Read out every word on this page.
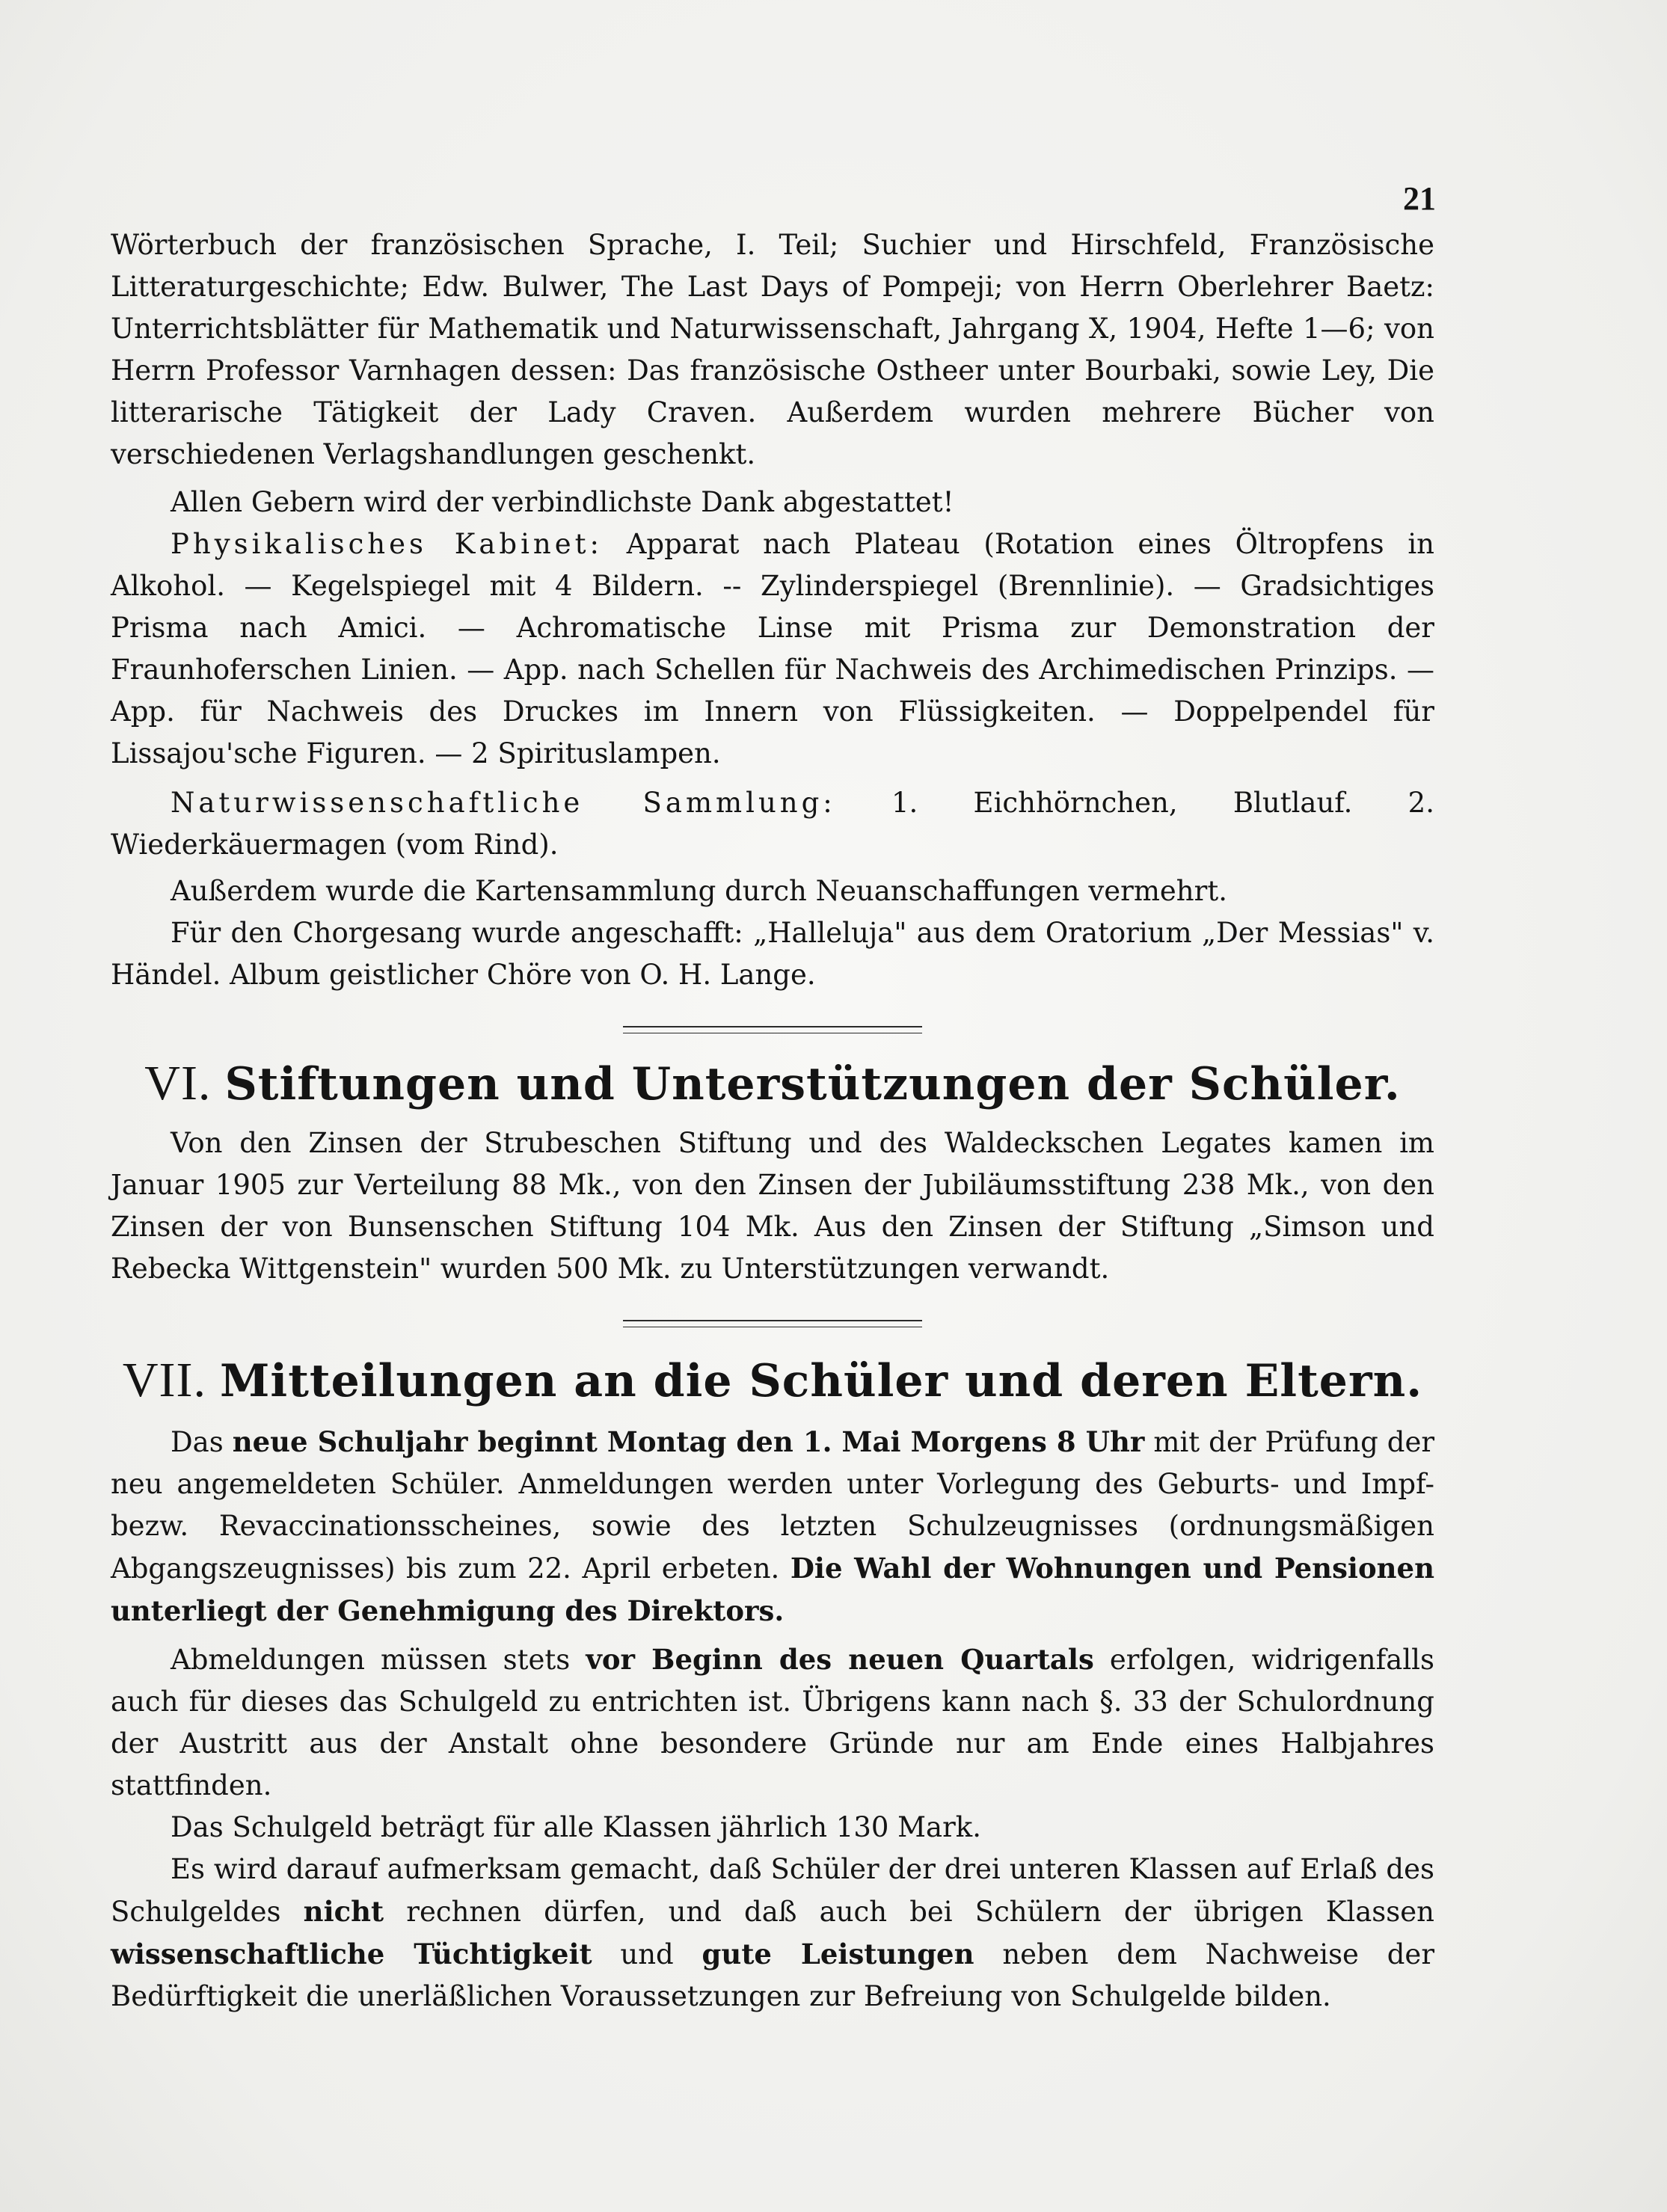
21

Wörterbuch der französischen Sprache, I. Teil; Suchier und Hirschfeld, Französische Litteraturgeschichte; Edw. Bulwer, The Last Days of Pompeji; von Herrn Oberlehrer Baetz: Unterrichtsblätter für Mathematik und Naturwissenschaft, Jahrgang X, 1904, Hefte 1—6; von Herrn Professor Varnhagen dessen: Das französische Ostheer unter Bourbaki, sowie Ley, Die litterarische Tätigkeit der Lady Craven. Außerdem wurden mehrere Bücher von verschiedenen Verlagshandlungen geschenkt.

Allen Gebern wird der verbindlichste Dank abgestattet!

Physikalisches Kabinet: Apparat nach Plateau (Rotation eines Öltropfens in Alkohol. — Kegelspiegel mit 4 Bildern. -- Zylinderspiegel (Brennlinie). — Gradsichtiges Prisma nach Amici. — Achromatische Linse mit Prisma zur Demonstration der Fraunhoferschen Linien. — App. nach Schellen für Nachweis des Archimedischen Prinzips. — App. für Nachweis des Druckes im Innern von Flüssigkeiten. — Doppelpendel für Lissajou'sche Figuren. — 2 Spirituslampen.

Naturwissenschaftliche Sammlung: 1. Eichhörnchen, Blutlauf. 2. Wiederkäuermagen (vom Rind).

Außerdem wurde die Kartensammlung durch Neuanschaffungen vermehrt.

Für den Chorgesang wurde angeschafft: „Halleluja" aus dem Oratorium „Der Messias" v. Händel. Album geistlicher Chöre von O. H. Lange.

VI. Stiftungen und Unterstützungen der Schüler.

Von den Zinsen der Strubeschen Stiftung und des Waldeckschen Legates kamen im Januar 1905 zur Verteilung 88 Mk., von den Zinsen der Jubiläumsstiftung 238 Mk., von den Zinsen der von Bunsenschen Stiftung 104 Mk. Aus den Zinsen der Stiftung „Simson und Rebecka Wittgenstein" wurden 500 Mk. zu Unterstützungen verwandt.

VII. Mitteilungen an die Schüler und deren Eltern.

Das neue Schuljahr beginnt Montag den 1. Mai Morgens 8 Uhr mit der Prüfung der neu angemeldeten Schüler. Anmeldungen werden unter Vorlegung des Geburts- und Impf- bezw. Revaccinationsscheines, sowie des letzten Schulzeugnisses (ordnungsmäßigen Abgangszeugnisses) bis zum 22. April erbeten. Die Wahl der Wohnungen und Pensionen unterliegt der Genehmigung des Direktors.

Abmeldungen müssen stets vor Beginn des neuen Quartals erfolgen, widrigenfalls auch für dieses das Schulgeld zu entrichten ist. Übrigens kann nach §. 33 der Schulordnung der Austritt aus der Anstalt ohne besondere Gründe nur am Ende eines Halbjahres stattfinden.

Das Schulgeld beträgt für alle Klassen jährlich 130 Mark.

Es wird darauf aufmerksam gemacht, daß Schüler der drei unteren Klassen auf Erlaß des Schulgeldes nicht rechnen dürfen, und daß auch bei Schülern der übrigen Klassen wissenschaftliche Tüchtigkeit und gute Leistungen neben dem Nachweise der Bedürftigkeit die unerläßlichen Voraussetzungen zur Befreiung von Schulgelde bilden.
